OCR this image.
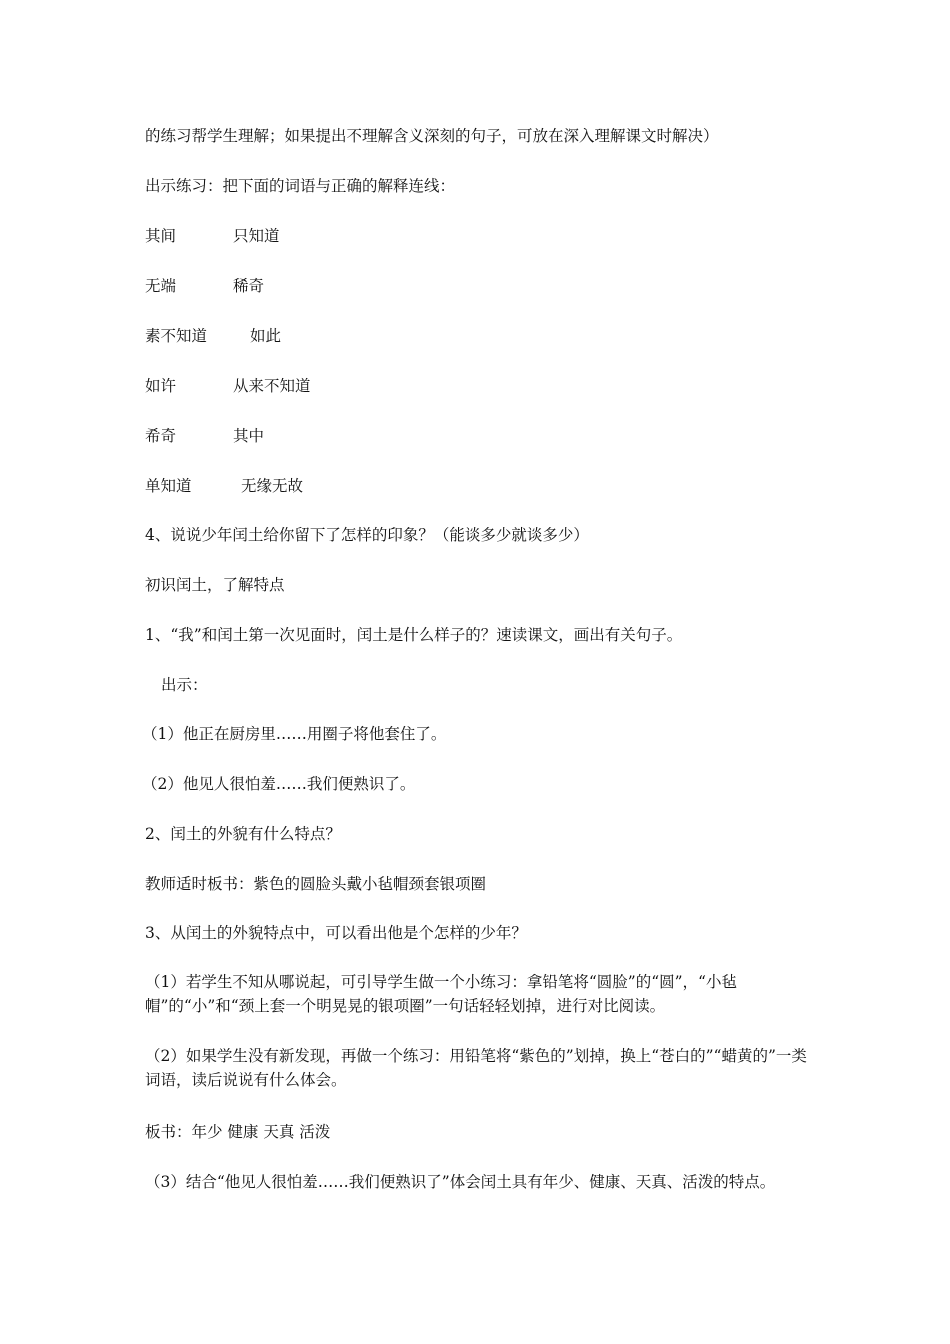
的练习帮学生理解；如果提出不理解含义深刻的句子，可放在深入理解课文时解决）
出示练习：把下面的词语与正确的解释连线：
其间	只知道
无端	稀奇
素不知道	如此
如许	从来不知道
希奇	其中
单知道	无缘无故
4、说说少年闰土给你留下了怎样的印象？（能谈多少就谈多少）
初识闰土，了解特点
1、“我”和闰土第一次见面时，闰土是什么样子的？速读课文，画出有关句子。
出示：
（1）他正在厨房里……用圈子将他套住了。
（2）他见人很怕羞……我们便熟识了。
2、闰土的外貌有什么特点？
教师适时板书：紫色的圆脸头戴小毡帽颈套银项圈
3、从闰土的外貌特点中，可以看出他是个怎样的少年？
（1）若学生不知从哪说起，可引导学生做一个小练习：拿铅笔将“圆脸”的“圆”，“小毡帽”的“小”和“颈上套一个明晃晃的银项圈”一句话轻轻划掉，进行对比阅读。
（2）如果学生没有新发现，再做一个练习：用铅笔将“紫色的”划掉，换上“苍白的”“蜡黄的”一类词语，读后说说有什么体会。
板书：年少 健康 天真 活泼
（3）结合“他见人很怕羞……我们便熟识了”体会闰土具有年少、健康、天真、活泼的特点。
